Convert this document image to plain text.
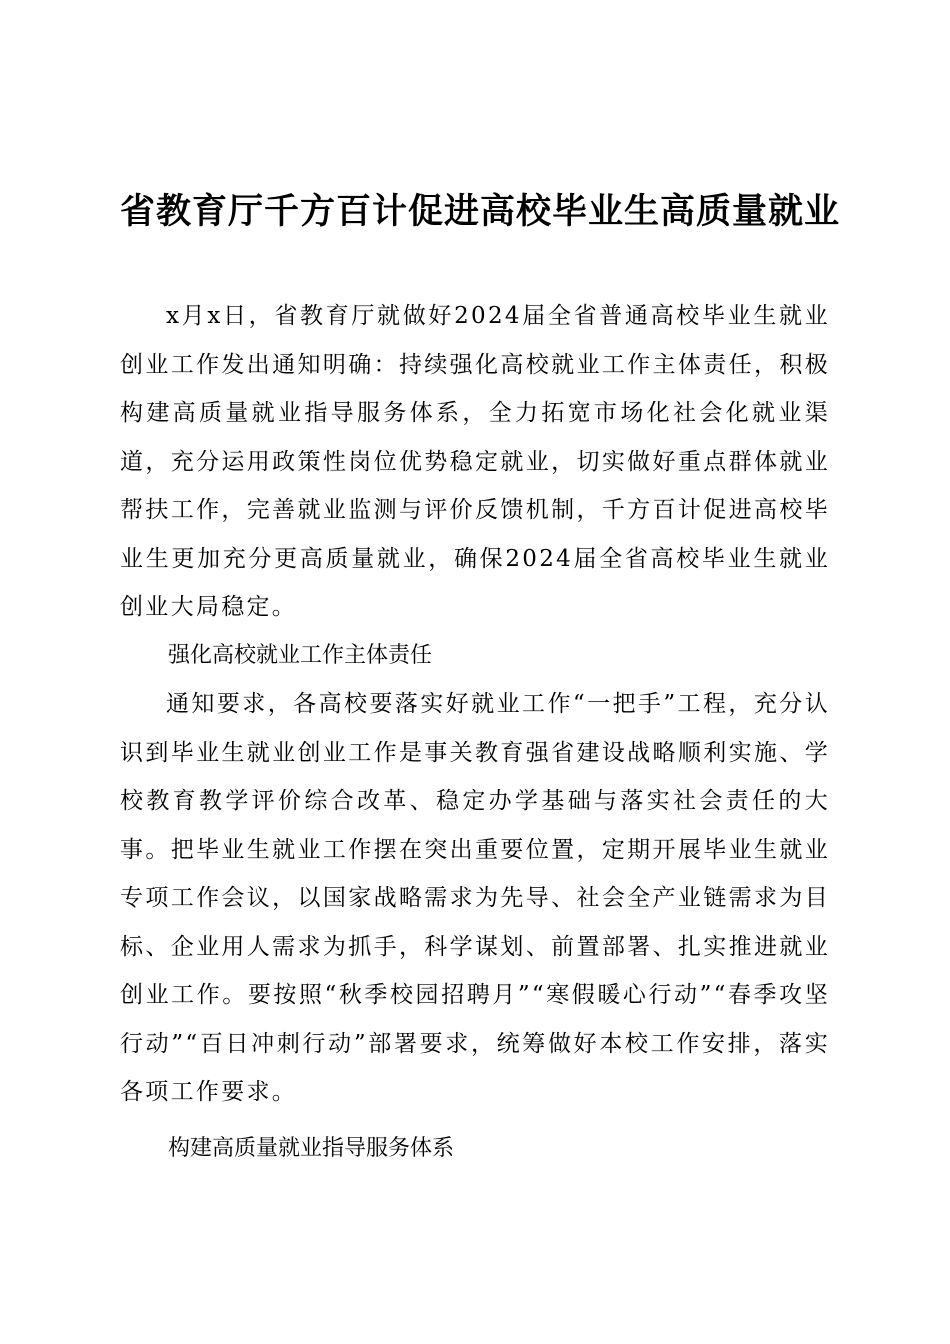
省教育厅千方百计促进高校毕业生高质量就业

x月x日，省教育厅就做好2024届全省普通高校毕业生就业创业工作发出通知明确：持续强化高校就业工作主体责任，积极构建高质量就业指导服务体系，全力拓宽市场化社会化就业渠道，充分运用政策性岗位优势稳定就业，切实做好重点群体就业帮扶工作，完善就业监测与评价反馈机制，千方百计促进高校毕业生更加充分更高质量就业，确保2024届全省高校毕业生就业创业大局稳定。

强化高校就业工作主体责任

通知要求，各高校要落实好就业工作“一把手”工程，充分认识到毕业生就业创业工作是事关教育强省建设战略顺利实施、学校教育教学评价综合改革、稳定办学基础与落实社会责任的大事。把毕业生就业工作摆在突出重要位置，定期开展毕业生就业专项工作会议，以国家战略需求为先导、社会全产业链需求为目标、企业用人需求为抓手，科学谋划、前置部署、扎实推进就业创业工作。要按照“秋季校园招聘月”“寒假暖心行动”“春季攻坚行动”“百日冲刺行动”部署要求，统筹做好本校工作安排，落实各项工作要求。

构建高质量就业指导服务体系
